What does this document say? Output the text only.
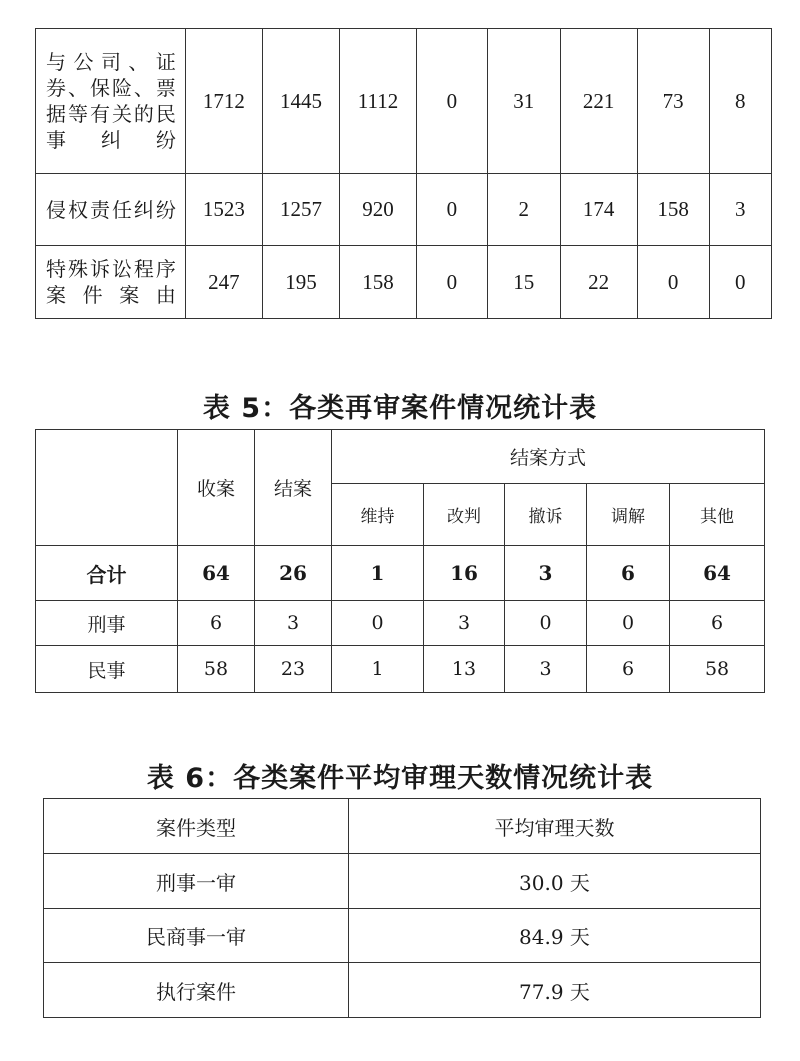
与公司、证券、保险、票据等有关的民事纠纷	1712	1445	1112	0	31	221	73	8
侵权责任纠纷	1523	1257	920	0	2	174	158	3
特殊诉讼程序案件案由	247	195	158	0	15	22	0	0
表 5：各类再审案件情况统计表
	收案	结案	结案方式				
			维持	改判	撤诉	调解	其他
合计	64	26	1	16	3	6	64
刑事	6	3	0	3	0	0	6
民事	58	23	1	13	3	6	58
表 6：各类案件平均审理天数情况统计表
案件类型	平均审理天数
刑事一审	30.0 天
民商事一审	84.9 天
执行案件	77.9 天
